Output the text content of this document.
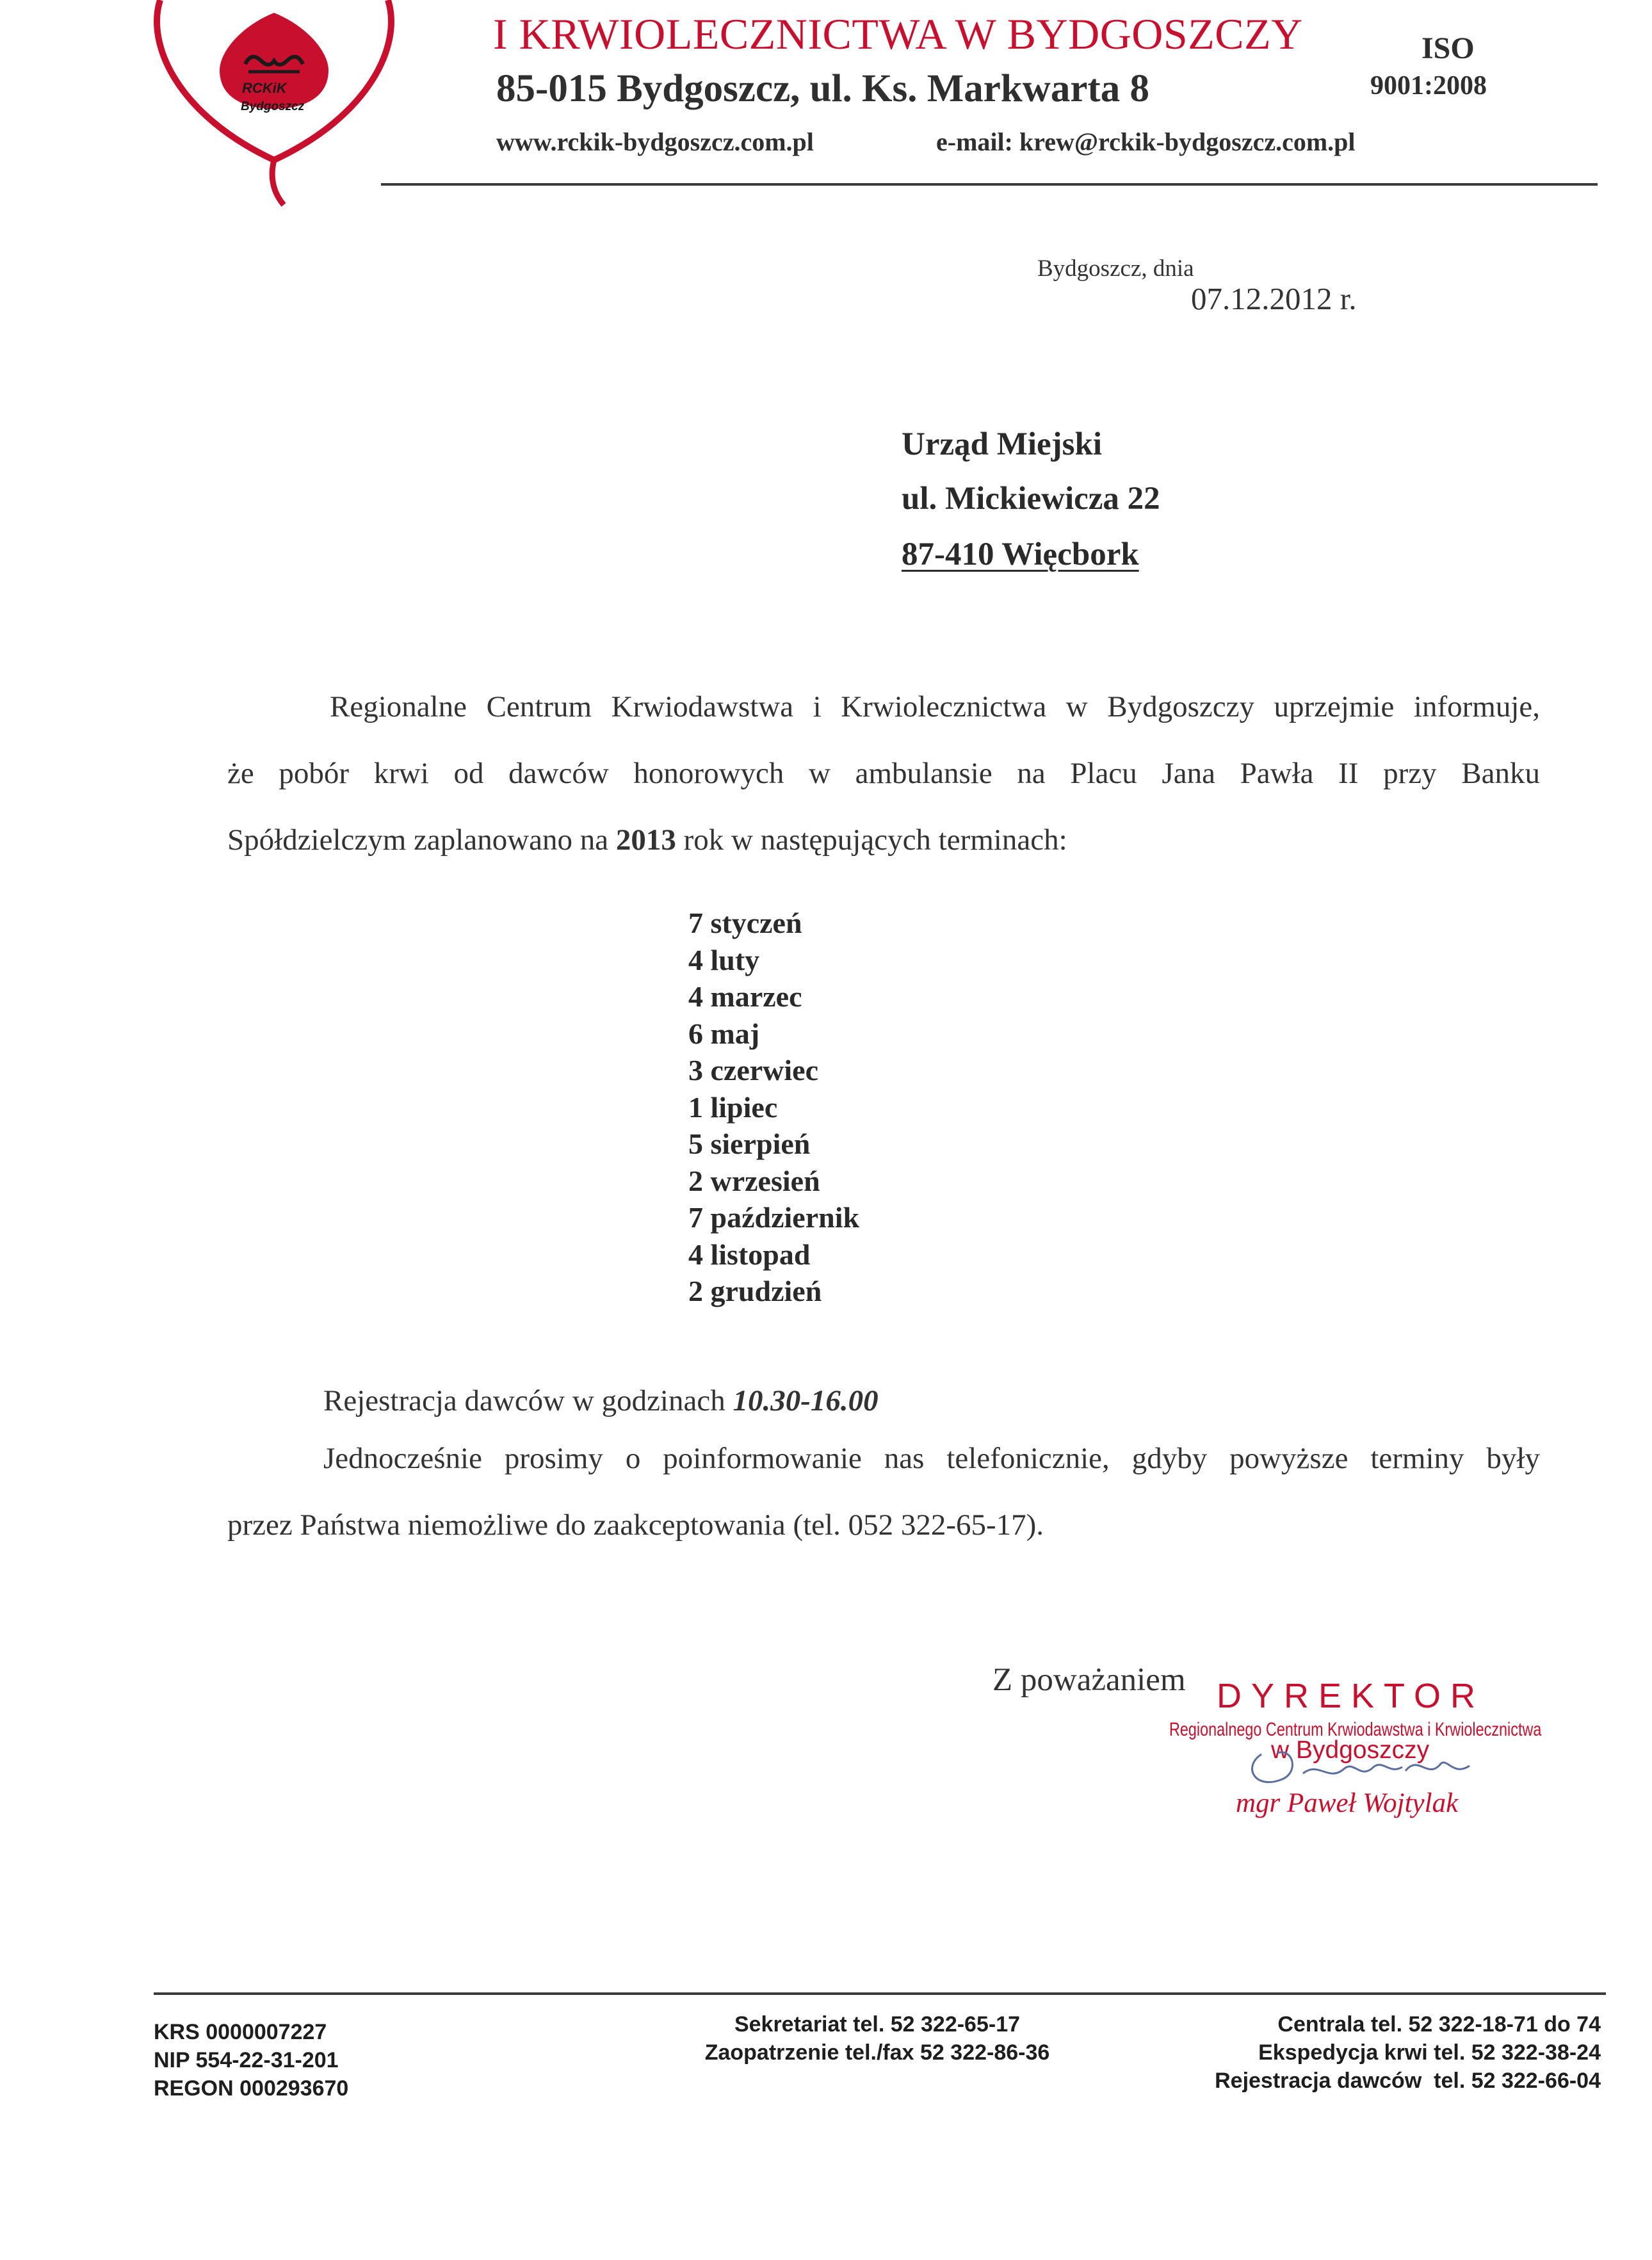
RCKiK
Bydgoszcz
I KRWIOLECZNICTWA W BYDGOSZCZY	ISO
85-015 Bydgoszcz, ul. Ks. Markwarta 8	9001:2008
www.rckik-bydgoszcz.com.pl	e-mail: krew@rckik-bydgoszcz.com.pl
Bydgoszcz, dnia
07.12.2012 r.
Urząd Miejski
ul. Mickiewicza 22
87-410 Więcbork
Regionalne Centrum Krwiodawstwa i Krwiolecznictwa w Bydgoszczy uprzejmie informuje,
że pobór krwi od dawców honorowych w ambulansie na Placu Jana Pawła II przy Banku
Spółdzielczym zaplanowano na 2013 rok w następujących terminach:
7 styczeń
4 luty
4 marzec
6 maj
3 czerwiec
1 lipiec
5 sierpień
2 wrzesień
7 październik
4 listopad
2 grudzień
Rejestracja dawców w godzinach 10.30-16.00
Jednocześnie prosimy o poinformowanie nas telefonicznie, gdyby powyższe terminy były
przez Państwa niemożliwe do zaakceptowania (tel. 052 322-65-17).
Z poważaniem DYREKTOR
Regionalnego Centrum Krwiodawstwa i Krwiolecznictwa
w Bydgoszczy
mgr Paweł Wojtylak
KRS 0000007227
NIP 554-22-31-201
REGON 000293670
Sekretariat tel. 52 322-65-17
Zaopatrzenie tel./fax 52 322-86-36
Centrala tel. 52 322-18-71 do 74
Ekspedycja krwi tel. 52 322-38-24
Rejestracja dawców  tel. 52 322-66-04
